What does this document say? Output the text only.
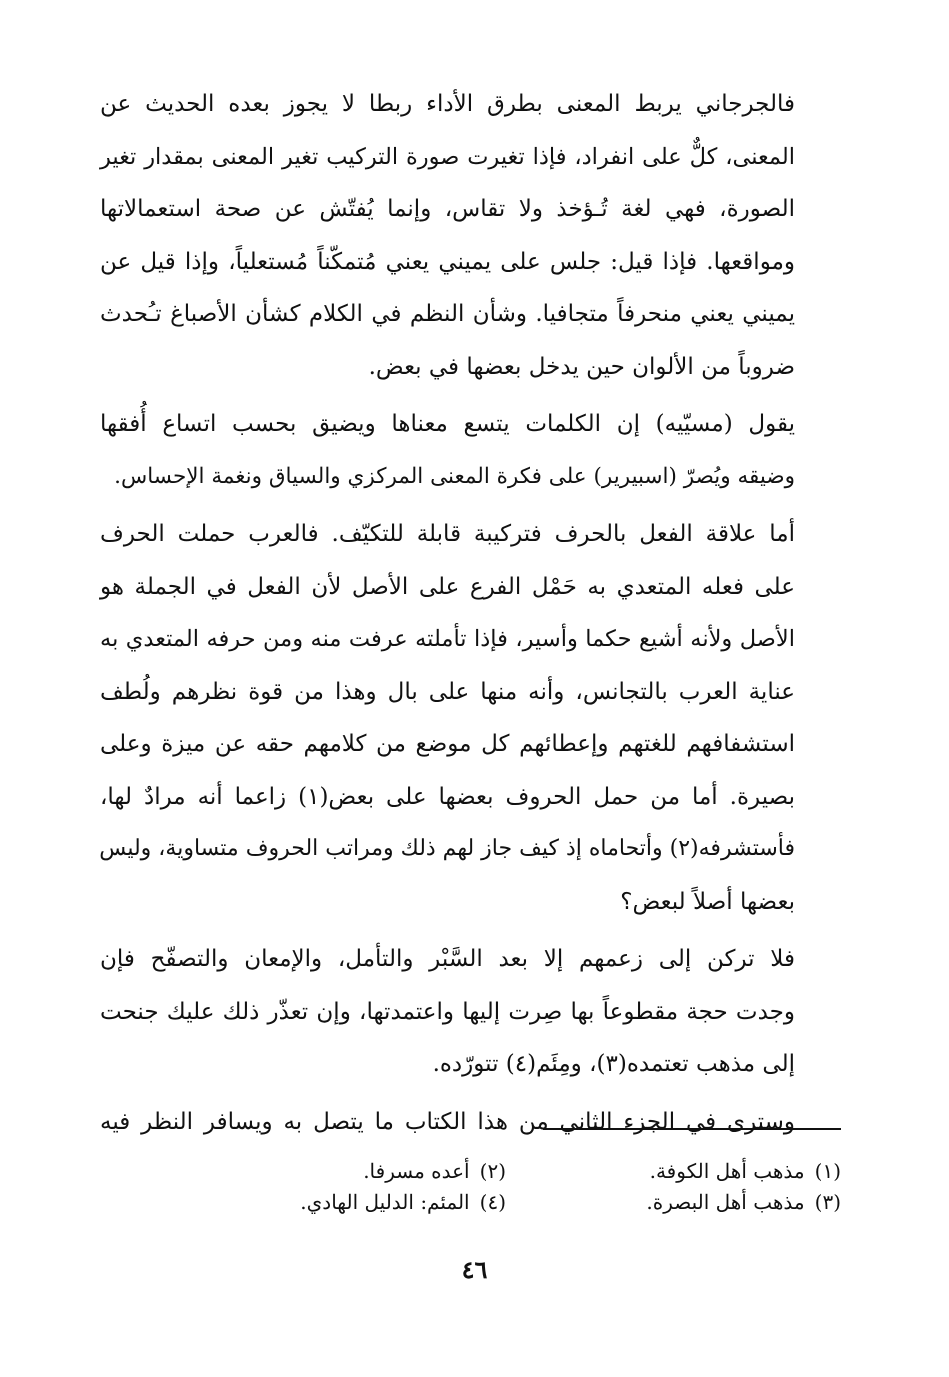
فالجرجاني يربط المعنى بطرق الأداء ربطا لا يجوز بعده الحديث عن
المعنى، كلٌّ على انفراد، فإذا تغيرت صورة التركيب تغير المعنى بمقدار تغير
الصورة، فهي لغة تُـؤخذ ولا تقاس، وإنما يُفتّش عن صحة استعمالاتها
ومواقعها. فإذا قيل: جلس على يميني يعني مُتمكّناً مُستعلياً، وإذا قيل عن
يميني يعني منحرفاً متجافيا. وشأن النظم في الكلام كشأن الأصباغ تـُحدث
ضروباً من الألوان حين يدخل بعضها في بعض.

يقول (مسيّيه) إن الكلمات يتسع معناها ويضيق بحسب اتساع أُفقها
وضيقه ويُصرّ (اسبيرير) على فكرة المعنى المركزي والسياق ونغمة الإحساس.

أما علاقة الفعل بالحرف فتركيبة قابلة للتكيّف. فالعرب حملت الحرف
على فعله المتعدي به حَمْل الفرع على الأصل لأن الفعل في الجملة هو
الأصل ولأنه أشيع حكما وأسير، فإذا تأملته عرفت منه ومن حرفه المتعدي به
عناية العرب بالتجانس، وأنه منها على بال وهذا من قوة نظرهم ولُطف
استشفافهم للغتهم وإعطائهم كل موضع من كلامهم حقه عن ميزة وعلى
بصيرة. أما من حمل الحروف بعضها على بعض(١) زاعما أنه مرادٌ لها،
فأستشرفه(٢) وأتحاماه إذ كيف جاز لهم ذلك ومراتب الحروف متساوية، وليس
بعضها أصلاً لبعض؟

فلا تركن إلى زعمهم إلا بعد السَّبْر والتأمل، والإمعان والتصفّح فإن
وجدت حجة مقطوعاً بها صِرت إليها واعتمدتها، وإن تعذّر ذلك عليك جنحت
إلى مذهب تعتمده(٣)، ومِئَم(٤) تتورّده.

وسترى في الجزء الثاني من هذا الكتاب ما يتصل به ويسافر النظر فيه

(١)مذهب أهل الكوفة.
(٢)أعده مسرفا.
(٣)مذهب أهل البصرة.
(٤)المئم: الدليل الهادي.
٤٦
